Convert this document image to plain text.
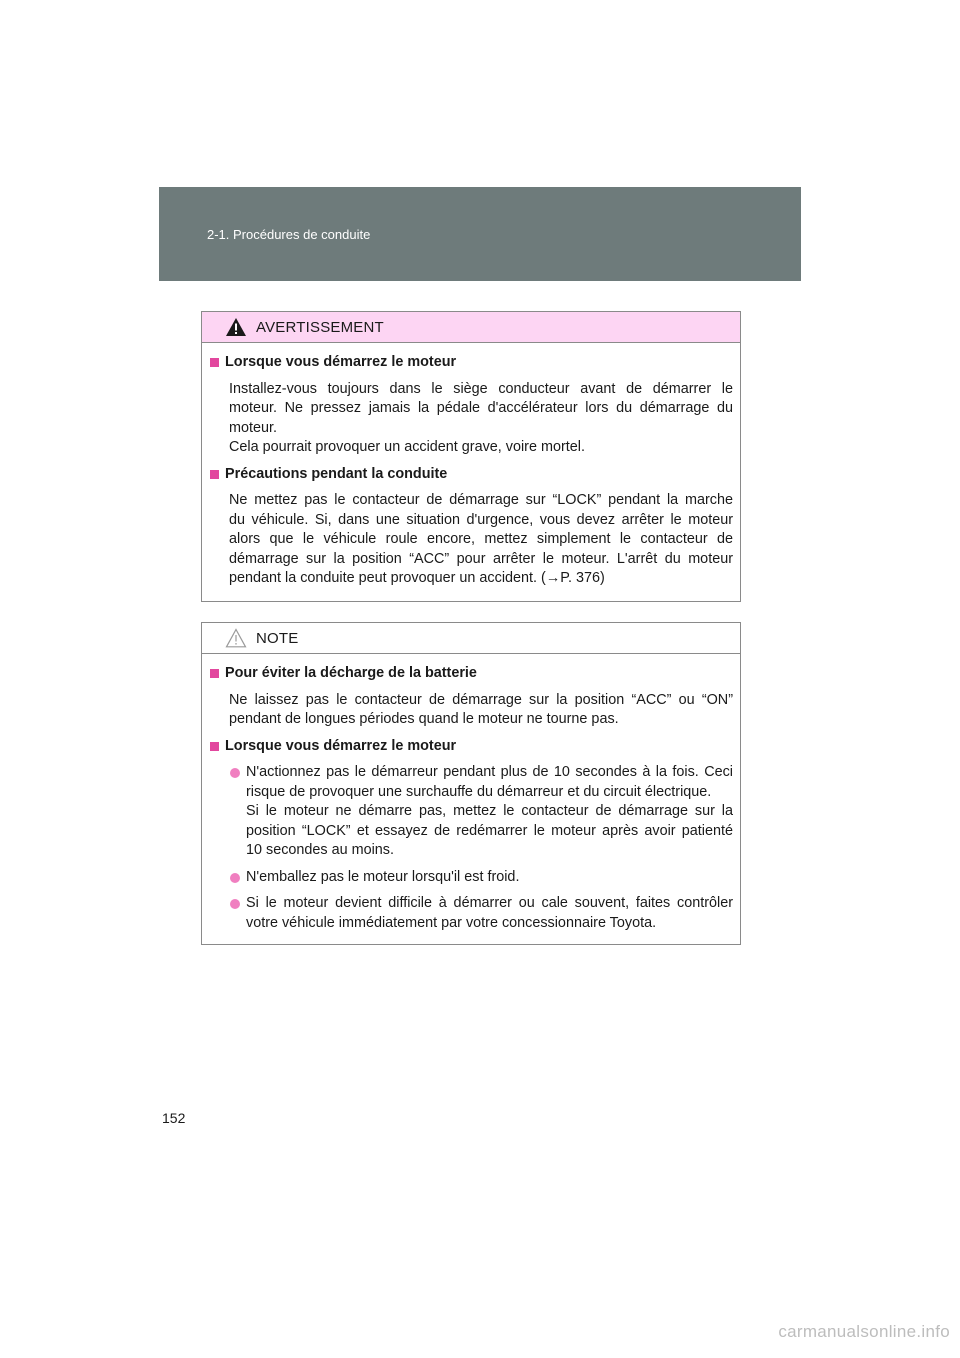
2-1. Procédures de conduite
AVERTISSEMENT
Lorsque vous démarrez le moteur
Installez-vous toujours dans le siège conducteur avant de démarrer le
moteur. Ne pressez jamais la pédale d'accélérateur lors du démarrage du
moteur.
Cela pourrait provoquer un accident grave, voire mortel.
Précautions pendant la conduite
Ne mettez pas le contacteur de démarrage sur “LOCK” pendant la marche
du véhicule. Si, dans une situation d'urgence, vous devez arrêter le moteur
alors que le véhicule roule encore, mettez simplement le contacteur de
démarrage sur la position “ACC” pour arrêter le moteur. L'arrêt du moteur
pendant la conduite peut provoquer un accident. (→P. 376)
NOTE
Pour éviter la décharge de la batterie
Ne laissez pas le contacteur de démarrage sur la position “ACC” ou “ON”
pendant de longues périodes quand le moteur ne tourne pas.
Lorsque vous démarrez le moteur
N'actionnez pas le démarreur pendant plus de 10 secondes à la fois. Ceci
risque de provoquer une surchauffe du démarreur et du circuit électrique.
Si le moteur ne démarre pas, mettez le contacteur de démarrage sur la
position “LOCK” et essayez de redémarrer le moteur après avoir patienté
10 secondes au moins.
N'emballez pas le moteur lorsqu'il est froid.
Si le moteur devient difficile à démarrer ou cale souvent, faites contrôler
votre véhicule immédiatement par votre concessionnaire Toyota.
152
carmanualsonline.info
